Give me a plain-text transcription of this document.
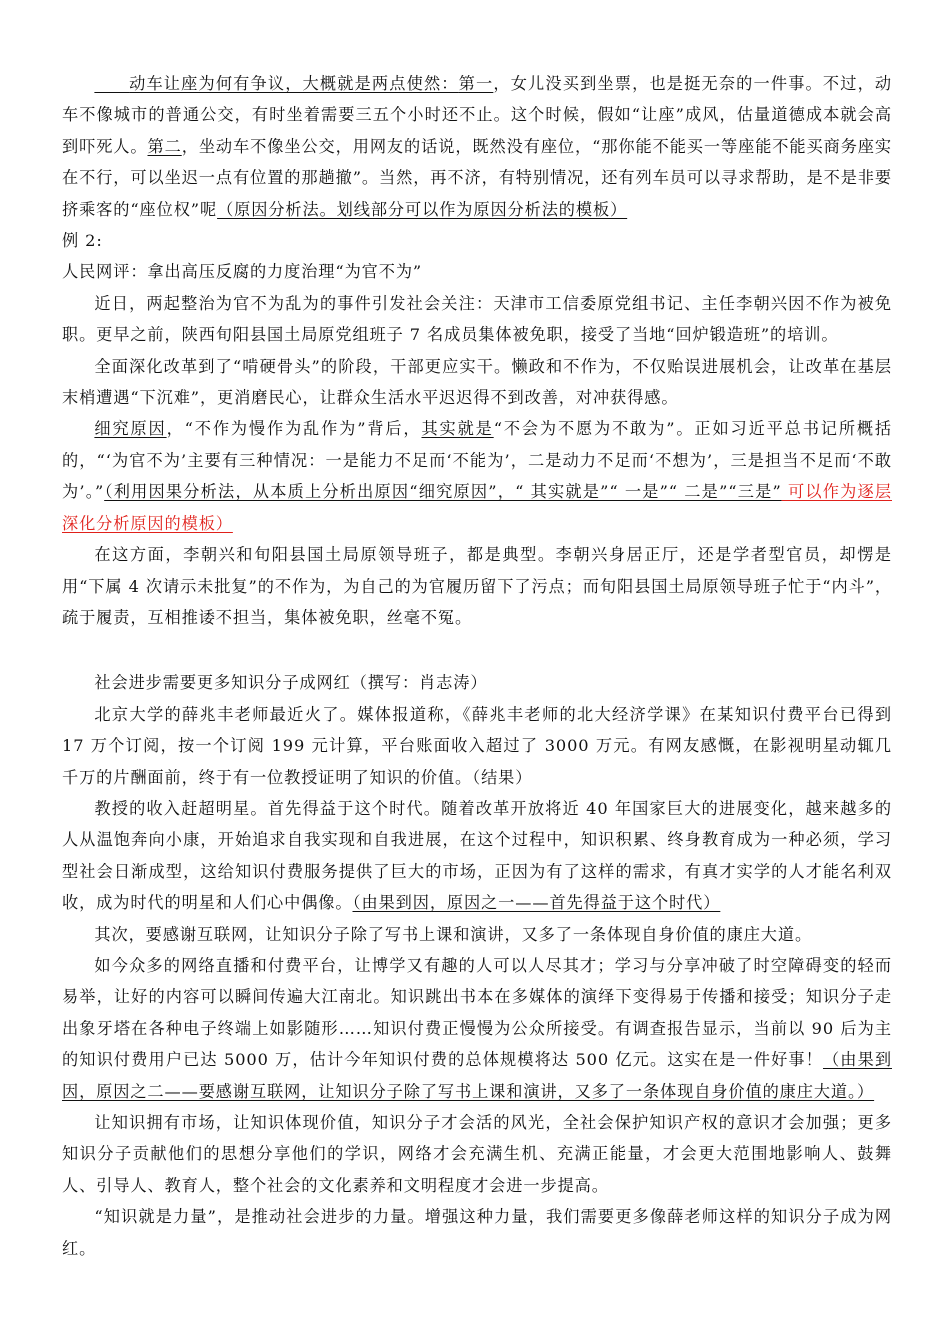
　　动车让座为何有争议，大概就是两点使然：第一，女儿没买到坐票，也是挺无奈的一件事。不过，动车不像城市的普通公交，有时坐着需要三五个小时还不止。这个时候，假如“让座”成风，估量道德成本就会高到吓死人。第二，坐动车不像坐公交，用网友的话说，既然没有座位，“那你能不能买一等座能不能买商务座实在不行，可以坐迟一点有位置的那趟撤”。当然，再不济，有特别情况，还有列车员可以寻求帮助，是不是非要挤乘客的“座位权”呢（原因分析法。划线部分可以作为原因分析法的模板）

例 2:

人民网评：拿出高压反腐的力度治理“为官不为”

近日，两起整治为官不为乱为的事件引发社会关注：天津市工信委原党组书记、主任李朝兴因不作为被免职。更早之前，陕西旬阳县国土局原党组班子 7 名成员集体被免职，接受了当地“回炉锻造班”的培训。

全面深化改革到了“啃硬骨头”的阶段，干部更应实干。懒政和不作为，不仅贻误进展机会，让改革在基层末梢遭遇“下沉难”，更消磨民心，让群众生活水平迟迟得不到改善，对冲获得感。

细究原因，“不作为慢作为乱作为”背后，其实就是“不会为不愿为不敢为”。正如习近平总书记所概括的，“‘为官不为’主要有三种情况：一是能力不足而‘不能为’，二是动力不足而‘不想为’，三是担当不足而‘不敢为’。”（利用因果分析法，从本质上分析出原因“细究原因”，“ 其实就是”“ 一是”“ 二是”“三是” 可以作为逐层深化分析原因的模板）

在这方面，李朝兴和旬阳县国土局原领导班子，都是典型。李朝兴身居正厅，还是学者型官员，却愣是用“下属 4 次请示未批复”的不作为，为自己的为官履历留下了污点；而旬阳县国土局原领导班子忙于“内斗”，疏于履责，互相推诿不担当，集体被免职，丝毫不冤。

社会进步需要更多知识分子成网红（撰写：肖志涛）

北京大学的薛兆丰老师最近火了。媒体报道称，《薛兆丰老师的北大经济学课》在某知识付费平台已得到 17 万个订阅，按一个订阅 199 元计算，平台账面收入超过了 3000 万元。有网友感慨，在影视明星动辄几千万的片酬面前，终于有一位教授证明了知识的价值。（结果）

教授的收入赶超明星。首先得益于这个时代。随着改革开放将近 40 年国家巨大的进展变化，越来越多的人从温饱奔向小康，开始追求自我实现和自我进展，在这个过程中，知识积累、终身教育成为一种必须，学习型社会日渐成型，这给知识付费服务提供了巨大的市场，正因为有了这样的需求，有真才实学的人才能名利双收，成为时代的明星和人们心中偶像。（由果到因，原因之一——首先得益于这个时代）

其次，要感谢互联网，让知识分子除了写书上课和演讲，又多了一条体现自身价值的康庄大道。

如今众多的网络直播和付费平台，让博学又有趣的人可以人尽其才；学习与分享冲破了时空障碍变的轻而易举，让好的内容可以瞬间传遍大江南北。知识跳出书本在多媒体的演绎下变得易于传播和接受；知识分子走出象牙塔在各种电子终端上如影随形……知识付费正慢慢为公众所接受。有调查报告显示，当前以 90 后为主的知识付费用户已达 5000 万，估计今年知识付费的总体规模将达 500 亿元。这实在是一件好事！（由果到因，原因之二——要感谢互联网，让知识分子除了写书上课和演讲，又多了一条体现自身价值的康庄大道。）

让知识拥有市场，让知识体现价值，知识分子才会活的风光，全社会保护知识产权的意识才会加强；更多知识分子贡献他们的思想分享他们的学识，网络才会充满生机、充满正能量，才会更大范围地影响人、鼓舞人、引导人、教育人，整个社会的文化素养和文明程度才会进一步提高。

“知识就是力量”，是推动社会进步的力量。增强这种力量，我们需要更多像薛老师这样的知识分子成为网红。
